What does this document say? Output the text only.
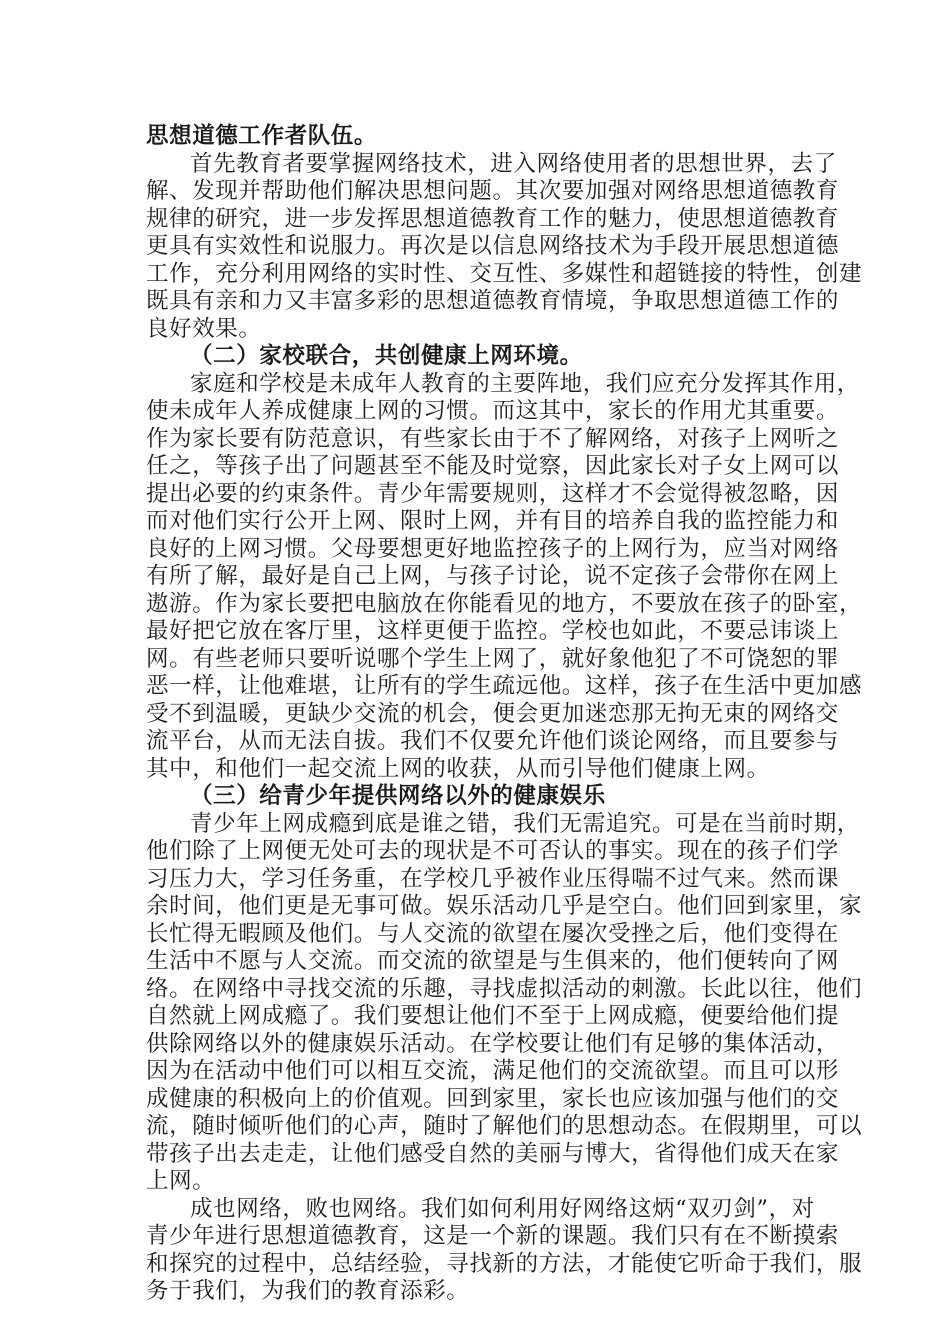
思想道德工作者队伍。
首先教育者要掌握网络技术，进入网络使用者的思想世界，去了
解、发现并帮助他们解决思想问题。其次要加强对网络思想道德教育
规律的研究，进一步发挥思想道德教育工作的魅力，使思想道德教育
更具有实效性和说服力。再次是以信息网络技术为手段开展思想道德
工作，充分利用网络的实时性、交互性、多媒性和超链接的特性，创建
既具有亲和力又丰富多彩的思想道德教育情境，争取思想道德工作的
良好效果。
（二）家校联合，共创健康上网环境。
家庭和学校是未成年人教育的主要阵地，我们应充分发挥其作用，
使未成年人养成健康上网的习惯。而这其中，家长的作用尤其重要。
作为家长要有防范意识，有些家长由于不了解网络，对孩子上网听之
任之，等孩子出了问题甚至不能及时觉察，因此家长对子女上网可以
提出必要的约束条件。青少年需要规则，这样才不会觉得被忽略，因
而对他们实行公开上网、限时上网，并有目的培养自我的监控能力和
良好的上网习惯。父母要想更好地监控孩子的上网行为，应当对网络
有所了解，最好是自己上网，与孩子讨论，说不定孩子会带你在网上
遨游。作为家长要把电脑放在你能看见的地方，不要放在孩子的卧室，
最好把它放在客厅里，这样更便于监控。学校也如此，不要忌讳谈上
网。有些老师只要听说哪个学生上网了，就好象他犯了不可饶恕的罪
恶一样，让他难堪，让所有的学生疏远他。这样，孩子在生活中更加感
受不到温暖，更缺少交流的机会，便会更加迷恋那无拘无束的网络交
流平台，从而无法自拔。我们不仅要允许他们谈论网络，而且要参与
其中，和他们一起交流上网的收获，从而引导他们健康上网。
（三）给青少年提供网络以外的健康娱乐
青少年上网成瘾到底是谁之错，我们无需追究。可是在当前时期，
他们除了上网便无处可去的现状是不可否认的事实。现在的孩子们学
习压力大，学习任务重，在学校几乎被作业压得喘不过气来。然而课
余时间，他们更是无事可做。娱乐活动几乎是空白。他们回到家里，家
长忙得无暇顾及他们。与人交流的欲望在屡次受挫之后，他们变得在
生活中不愿与人交流。而交流的欲望是与生俱来的，他们便转向了网
络。在网络中寻找交流的乐趣，寻找虚拟活动的刺激。长此以往，他们
自然就上网成瘾了。我们要想让他们不至于上网成瘾，便要给他们提
供除网络以外的健康娱乐活动。在学校要让他们有足够的集体活动，
因为在活动中他们可以相互交流，满足他们的交流欲望。而且可以形
成健康的积极向上的价值观。回到家里，家长也应该加强与他们的交
流，随时倾听他们的心声，随时了解他们的思想动态。在假期里，可以
带孩子出去走走，让他们感受自然的美丽与博大，省得他们成天在家
上网。
成也网络，败也网络。我们如何利用好网络这炳“双刃剑”，对
青少年进行思想道德教育，这是一个新的课题。我们只有在不断摸索
和探究的过程中，总结经验，寻找新的方法，才能使它听命于我们，服
务于我们，为我们的教育添彩。
